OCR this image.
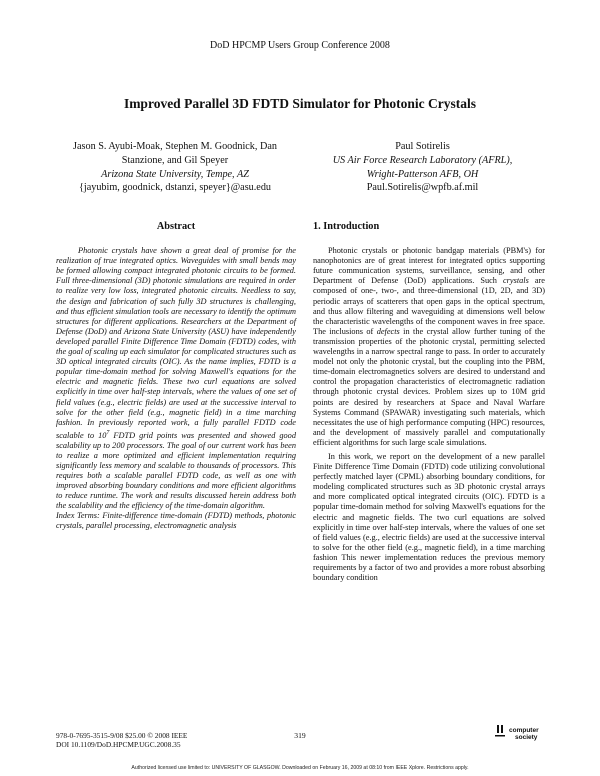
DoD HPCMP Users Group Conference 2008
Improved Parallel 3D FDTD Simulator for Photonic Crystals
Jason S. Ayubi-Moak, Stephen M. Goodnick, Dan
Stanzione, and Gil Speyer
Arizona State University, Tempe, AZ
{jayubim, goodnick, dstanzi, speyer}@asu.edu
Paul Sotirelis
US Air Force Research Laboratory (AFRL),
Wright-Patterson AFB, OH
Paul.Sotirelis@wpfb.af.mil
Abstract

Photonic crystals have shown a great deal of promise for the realization of true integrated optics. Waveguides with small bends may be formed allowing compact integrated photonic circuits to be formed. Full three-dimensional (3D) photonic simulations are required in order to realize very low loss, integrated photonic circuits. Needless to say, the design and fabrication of such fully 3D structures is challenging, and thus efficient simulation tools are necessary to identify the optimum structures for different applications. Researchers at the Department of Defense (DoD) and Arizona State University (ASU) have independently developed parallel Finite Difference Time Domain (FDTD) codes, with the goal of scaling up each simulator for complicated structures such as 3D optical integrated circuits (OIC). As the name implies, FDTD is a popular time-domain method for solving Maxwell's equations for the electric and magnetic fields. These two curl equations are solved explicitly in time over half-step intervals, where the values of one set of field values (e.g., electric fields) are used at the successive interval to solve for the other field (e.g., magnetic field) in a time marching fashion. In previously reported work, a fully parallel FDTD code scalable to $10^7$ FDTD grid points was presented and showed good scalability up to 200 processors. The goal of our current work has been to realize a more optimized and efficient implementation requiring significantly less memory and scalable to thousands of processors. This requires both a scalable parallel FDTD code, as well as one with improved absorbing boundary conditions and more efficient algorithms to reduce runtime. The work and results discussed herein address both the scalability and the efficiency of the time-domain algorithm.

Index Terms: Finite-difference time-domain (FDTD) methods, photonic crystals, parallel processing, electromagnetic analysis

1. Introduction

Photonic crystals or photonic bandgap materials (PBM's) for nanophotonics are of great interest for integrated optics supporting future communication systems, surveillance, sensing, and other Department of Defense (DoD) applications. Such crystals are composed of one-, two-, and three-dimensional (1D, 2D, and 3D) periodic arrays of scatterers that open gaps in the optical spectrum, and thus allow filtering and waveguiding at dimensions well below the characteristic wavelengths of the component waves in free space. The inclusions of defects in the crystal allow further tuning of the transmission properties of the photonic crystal, permitting selected wavelengths in a narrow spectral range to pass. In order to accurately model not only the photonic crystal, but the coupling into the PBM, time-domain electromagnetics solvers are desired to understand and control the propagation characteristics of electromagnetic radiation through photonic crystal devices. Problem sizes up to 10M grid points are desired by researchers at Space and Naval Warfare Systems Command (SPAWAR) investigating such materials, which necessitates the use of high performance computing (HPC) resources, and the development of massively parallel and computationally efficient algorithms for such large scale simulations.

In this work, we report on the development of a new parallel Finite Difference Time Domain (FDTD) code utilizing convolutional perfectly matched layer (CPML) absorbing boundary conditions, for modeling complicated structures such as 3D photonic crystal arrays and more complicated optical integrated circuits (OIC). FDTD is a popular time-domain method for solving Maxwell's equations for the electric and magnetic fields. The two curl equations are solved explicitly in time over half-step intervals, where the values of one set of field values (e.g., electric fields) are used at the successive interval to solve for the other field (e.g., magnetic field), in a time marching fashion This newer implementation reduces the previous memory requirements by a factor of two and provides a more robust absorbing boundary condition

978-0-7695-3515-9/08 $25.00 © 2008 IEEE
DOI 10.1109/DoD.HPCMP.UGC.2008.35
319
computer
society
Authorized licensed use limited to: UNIVERSITY OF GLASGOW. Downloaded on February 16, 2009 at 08:10 from IEEE Xplore. Restrictions apply.
